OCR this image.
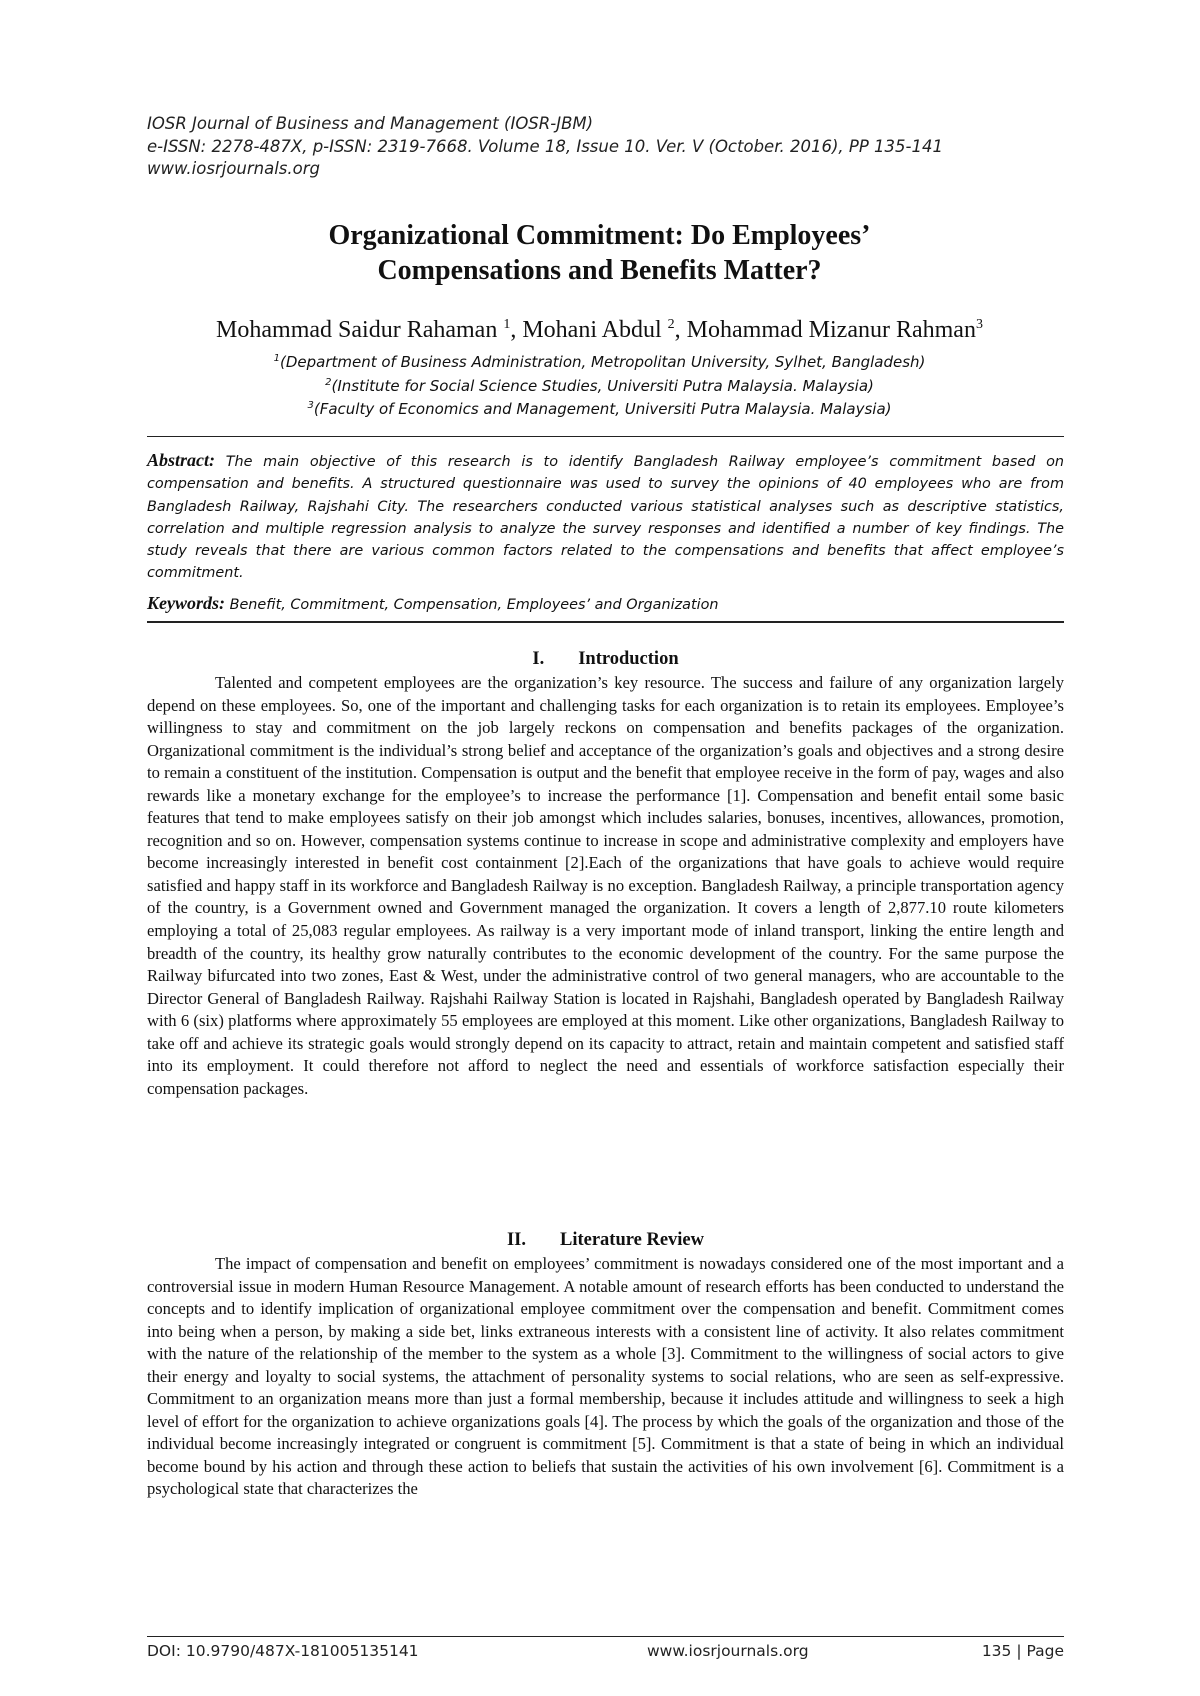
IOSR Journal of Business and Management (IOSR-JBM)
e-ISSN: 2278-487X, p-ISSN: 2319-7668. Volume 18, Issue 10. Ver. V (October. 2016), PP 135-141
www.iosrjournals.org
Organizational Commitment: Do Employees’
Compensations and Benefits Matter?
Mohammad Saidur Rahaman $^1$, Mohani Abdul $^2$, Mohammad Mizanur Rahman$^3$
$^1$(Department of Business Administration, Metropolitan University, Sylhet, Bangladesh)
$^2$(Institute for Social Science Studies, Universiti Putra Malaysia. Malaysia)
$^3$(Faculty of Economics and Management, Universiti Putra Malaysia. Malaysia)
Abstract: The main objective of this research is to identify Bangladesh Railway employee’s commitment based on compensation and benefits. A structured questionnaire was used to survey the opinions of 40 employees who are from Bangladesh Railway, Rajshahi City. The researchers conducted various statistical analyses such as descriptive statistics, correlation and multiple regression analysis to analyze the survey responses and identified a number of key findings. The study reveals that there are various common factors related to the compensations and benefits that affect employee’s commitment.
Keywords: Benefit, Commitment, Compensation, Employees’ and Organization
I. Introduction
Talented and competent employees are the organization’s key resource. The success and failure of any organization largely depend on these employees. So, one of the important and challenging tasks for each organization is to retain its employees. Employee’s willingness to stay and commitment on the job largely reckons on compensation and benefits packages of the organization. Organizational commitment is the individual’s strong belief and acceptance of the organization’s goals and objectives and a strong desire to remain a constituent of the institution. Compensation is output and the benefit that employee receive in the form of pay, wages and also rewards like a monetary exchange for the employee’s to increase the performance [1]. Compensation and benefit entail some basic features that tend to make employees satisfy on their job amongst which includes salaries, bonuses, incentives, allowances, promotion, recognition and so on. However, compensation systems continue to increase in scope and administrative complexity and employers have become increasingly interested in benefit cost containment [2].Each of the organizations that have goals to achieve would require satisfied and happy staff in its workforce and Bangladesh Railway is no exception. Bangladesh Railway, a principle transportation agency of the country, is a Government owned and Government managed the organization. It covers a length of 2,877.10 route kilometers employing a total of 25,083 regular employees. As railway is a very important mode of inland transport, linking the entire length and breadth of the country, its healthy grow naturally contributes to the economic development of the country. For the same purpose the Railway bifurcated into two zones, East & West, under the administrative control of two general managers, who are accountable to the Director General of Bangladesh Railway. Rajshahi Railway Station is located in Rajshahi, Bangladesh operated by Bangladesh Railway with 6 (six) platforms where approximately 55 employees are employed at this moment. Like other organizations, Bangladesh Railway to take off and achieve its strategic goals would strongly depend on its capacity to attract, retain and maintain competent and satisfied staff into its employment. It could therefore not afford to neglect the need and essentials of workforce satisfaction especially their compensation packages.
II. Literature Review
The impact of compensation and benefit on employees’ commitment is nowadays considered one of the most important and a controversial issue in modern Human Resource Management. A notable amount of research efforts has been conducted to understand the concepts and to identify implication of organizational employee commitment over the compensation and benefit. Commitment comes into being when a person, by making a side bet, links extraneous interests with a consistent line of activity. It also relates commitment with the nature of the relationship of the member to the system as a whole [3]. Commitment to the willingness of social actors to give their energy and loyalty to social systems, the attachment of personality systems to social relations, who are seen as self-expressive. Commitment to an organization means more than just a formal membership, because it includes attitude and willingness to seek a high level of effort for the organization to achieve organizations goals [4]. The process by which the goals of the organization and those of the individual become increasingly integrated or congruent is commitment [5]. Commitment is that a state of being in which an individual become bound by his action and through these action to beliefs that sustain the activities of his own involvement [6]. Commitment is a psychological state that characterizes the
DOI: 10.9790/487X-181005135141	www.iosrjournals.org	135 | Page
